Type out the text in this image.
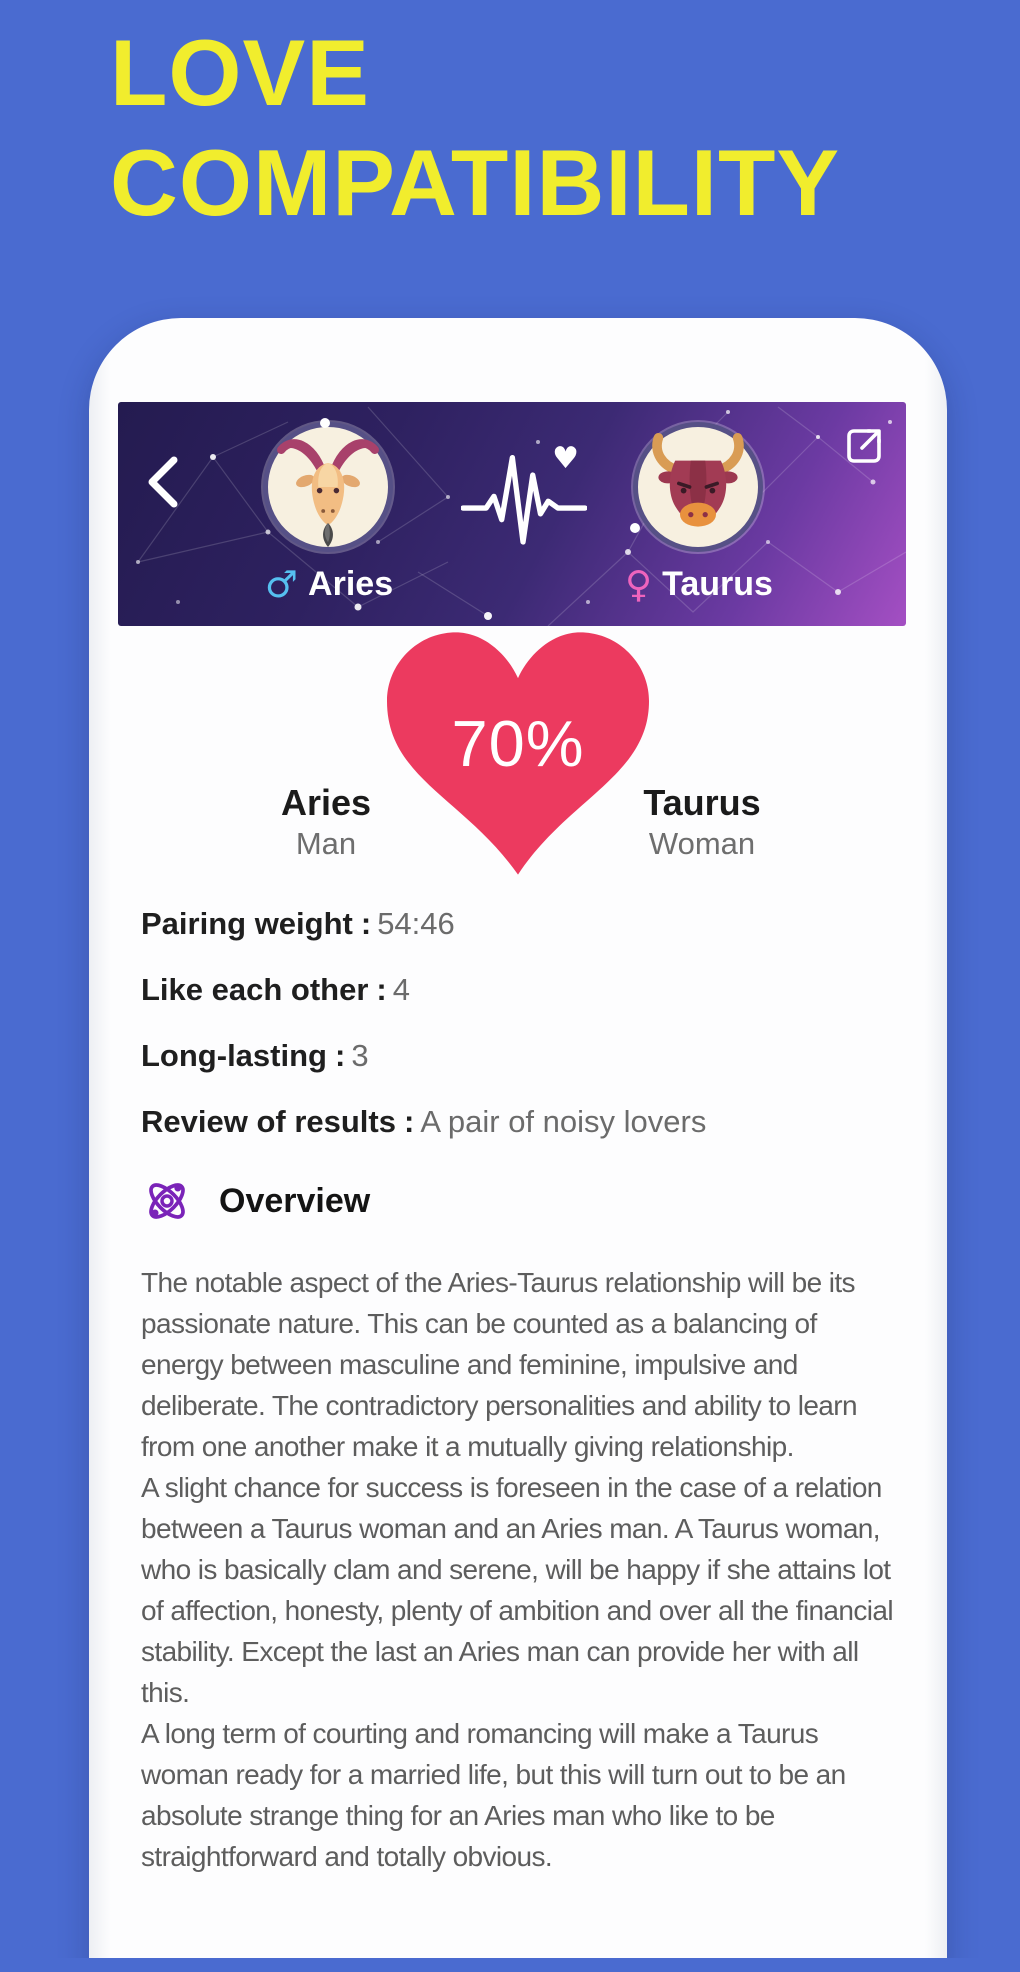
LOVE
COMPATIBILITY
♥
♂ Aries	♀ Taurus
70%
Aries
Man
Taurus
Woman
Pairing weight : 54:46
Like each other : 4
Long-lasting : 3
Review of results : A pair of noisy lovers
Overview

The notable aspect of the Aries-Taurus relationship will be its passionate nature. This can be counted as a balancing of energy between masculine and feminine, impulsive and deliberate. The contradictory personalities and ability to learn from one another make it a mutually giving relationship.

A slight chance for success is foreseen in the case of a relation between a Taurus woman and an Aries man. A Taurus woman, who is basically clam and serene, will be happy if she attains lot of affection, honesty, plenty of ambition and over all the financial stability. Except the last an Aries man can provide her with all this.

A long term of courting and romancing will make a Taurus woman ready for a married life, but this will turn out to be an absolute strange thing for an Aries man who like to be straightforward and totally obvious.
